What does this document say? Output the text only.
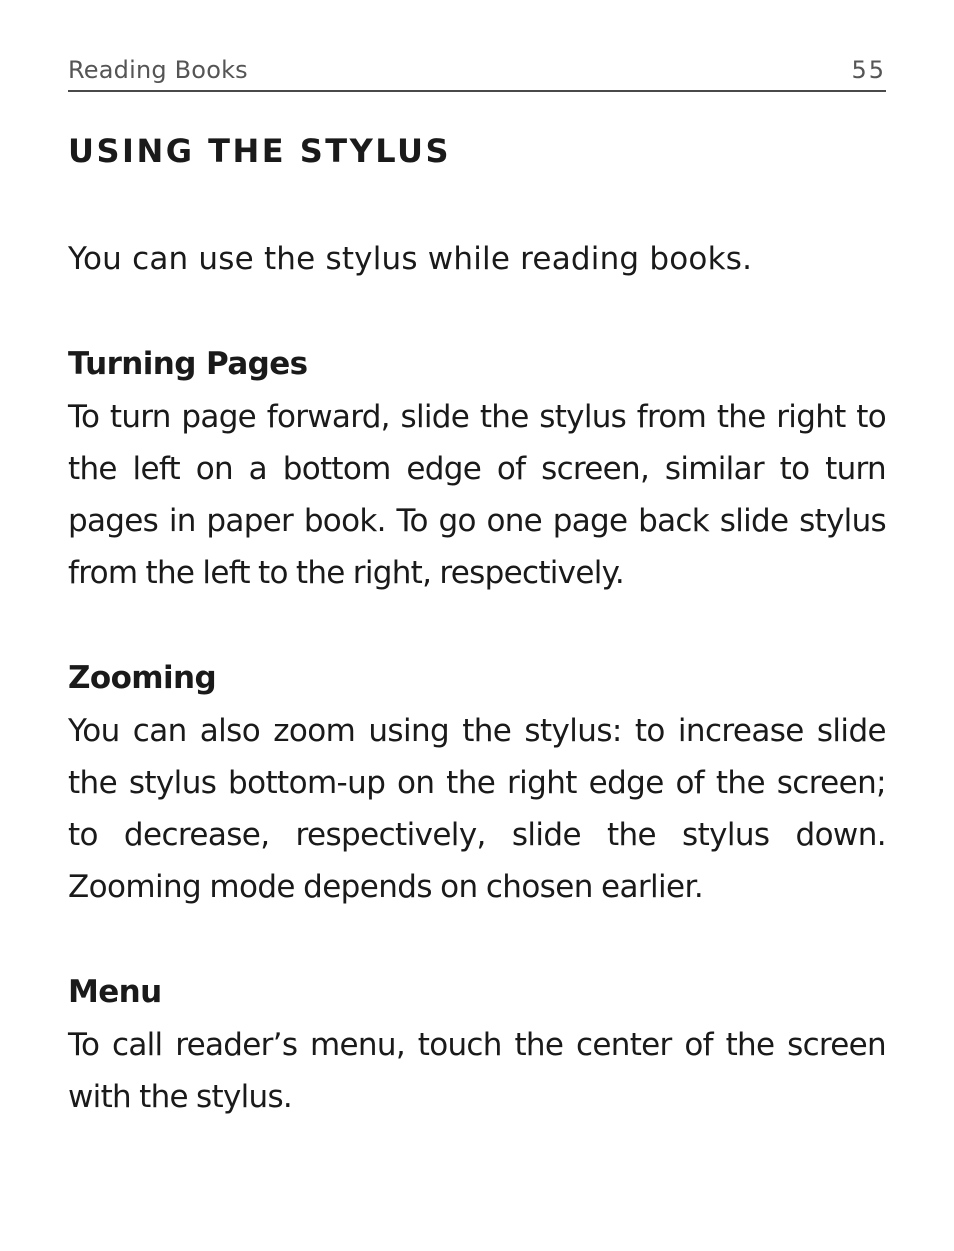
Reading Books	55
USING THE STYLUS

You can use the stylus while reading books.

Turning Pages

To turn page forward, slide the stylus from the right to the left on a bottom edge of screen, similar to turn pages in paper book. To go one page back slide stylus from the left to the right, respectively.

Zooming

You can also zoom using the stylus: to increase slide the stylus bottom-up on the right edge of the screen; to decrease, respectively, slide the stylus down. Zooming mode depends on chosen earlier.

Menu

To call reader’s menu, touch the center of the screen with the stylus.
